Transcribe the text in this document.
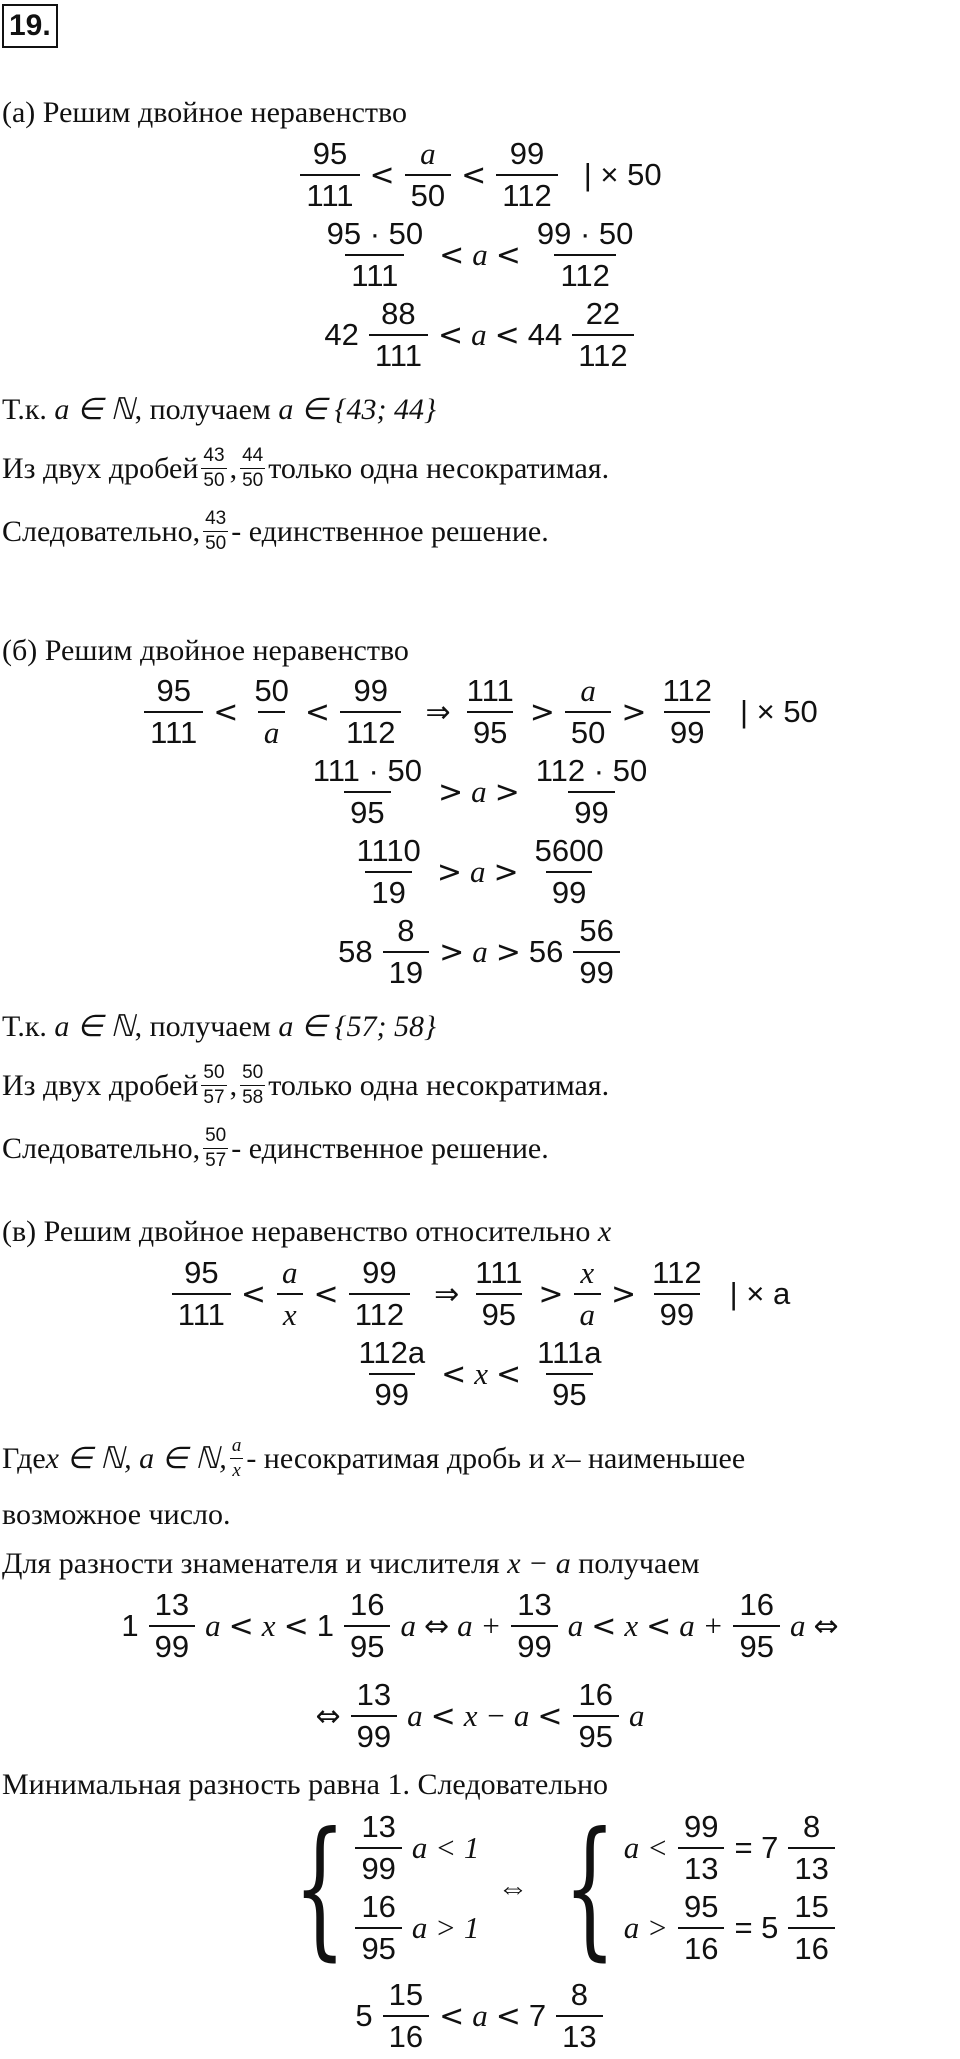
19.
(а) Решим двойное неравенство
95
111
<
a
50
<
99
112
| × 50
95 · 50
111
< a <
99 · 50
112
42
88
111
< a < 44
22
112
Т.к. a ∈ ℕ, получаем a ∈ {43; 44}
Из двух дробей 43
50 , 44
50 только одна несократимая.
Следовательно, 43
50 - единственное решение.
(б) Решим двойное неравенство
95
111
<
50
a
<
99
112
⇒
111
95
>
a
50
>
112
99
| × 50
111 · 50
95
> a >
112 · 50
99
1110
19
> a >
5600
99
58
8
19
> a > 56
56
99
Т.к. a ∈ ℕ, получаем a ∈ {57; 58}
Из двух дробей 50
57 , 50
58 только одна несократимая.
Следовательно, 50
57 - единственное решение.
(в) Решим двойное неравенство относительно x
95
111
<
a
x
<
99
112
⇒
111
95
>
x
a
>
112
99
| × a
112a
99
< x <
111a
95
Где x ∈ ℕ, a ∈ ℕ, a
x - несократимая дробь и
x – наименьшее
возможное число.
Для разности знаменателя и числителя x − a получаем
1
13
99
a < x < 1
16
95
a ⇔ $a + \frac{13}{99}$ $a < x < a + \frac{16}{95}$ a ⇔
⇔
13
99
a < x − a <
16
95
a
Минимальная разность равна 1. Следовательно
{ 13
99
a < 1
16
95
a > 1
⇔ { $a < \frac{99}{13} = 7$
8
13
$a > \frac{95}{16} = 5$
15
16
5
15
16
< a < 7
8
13
